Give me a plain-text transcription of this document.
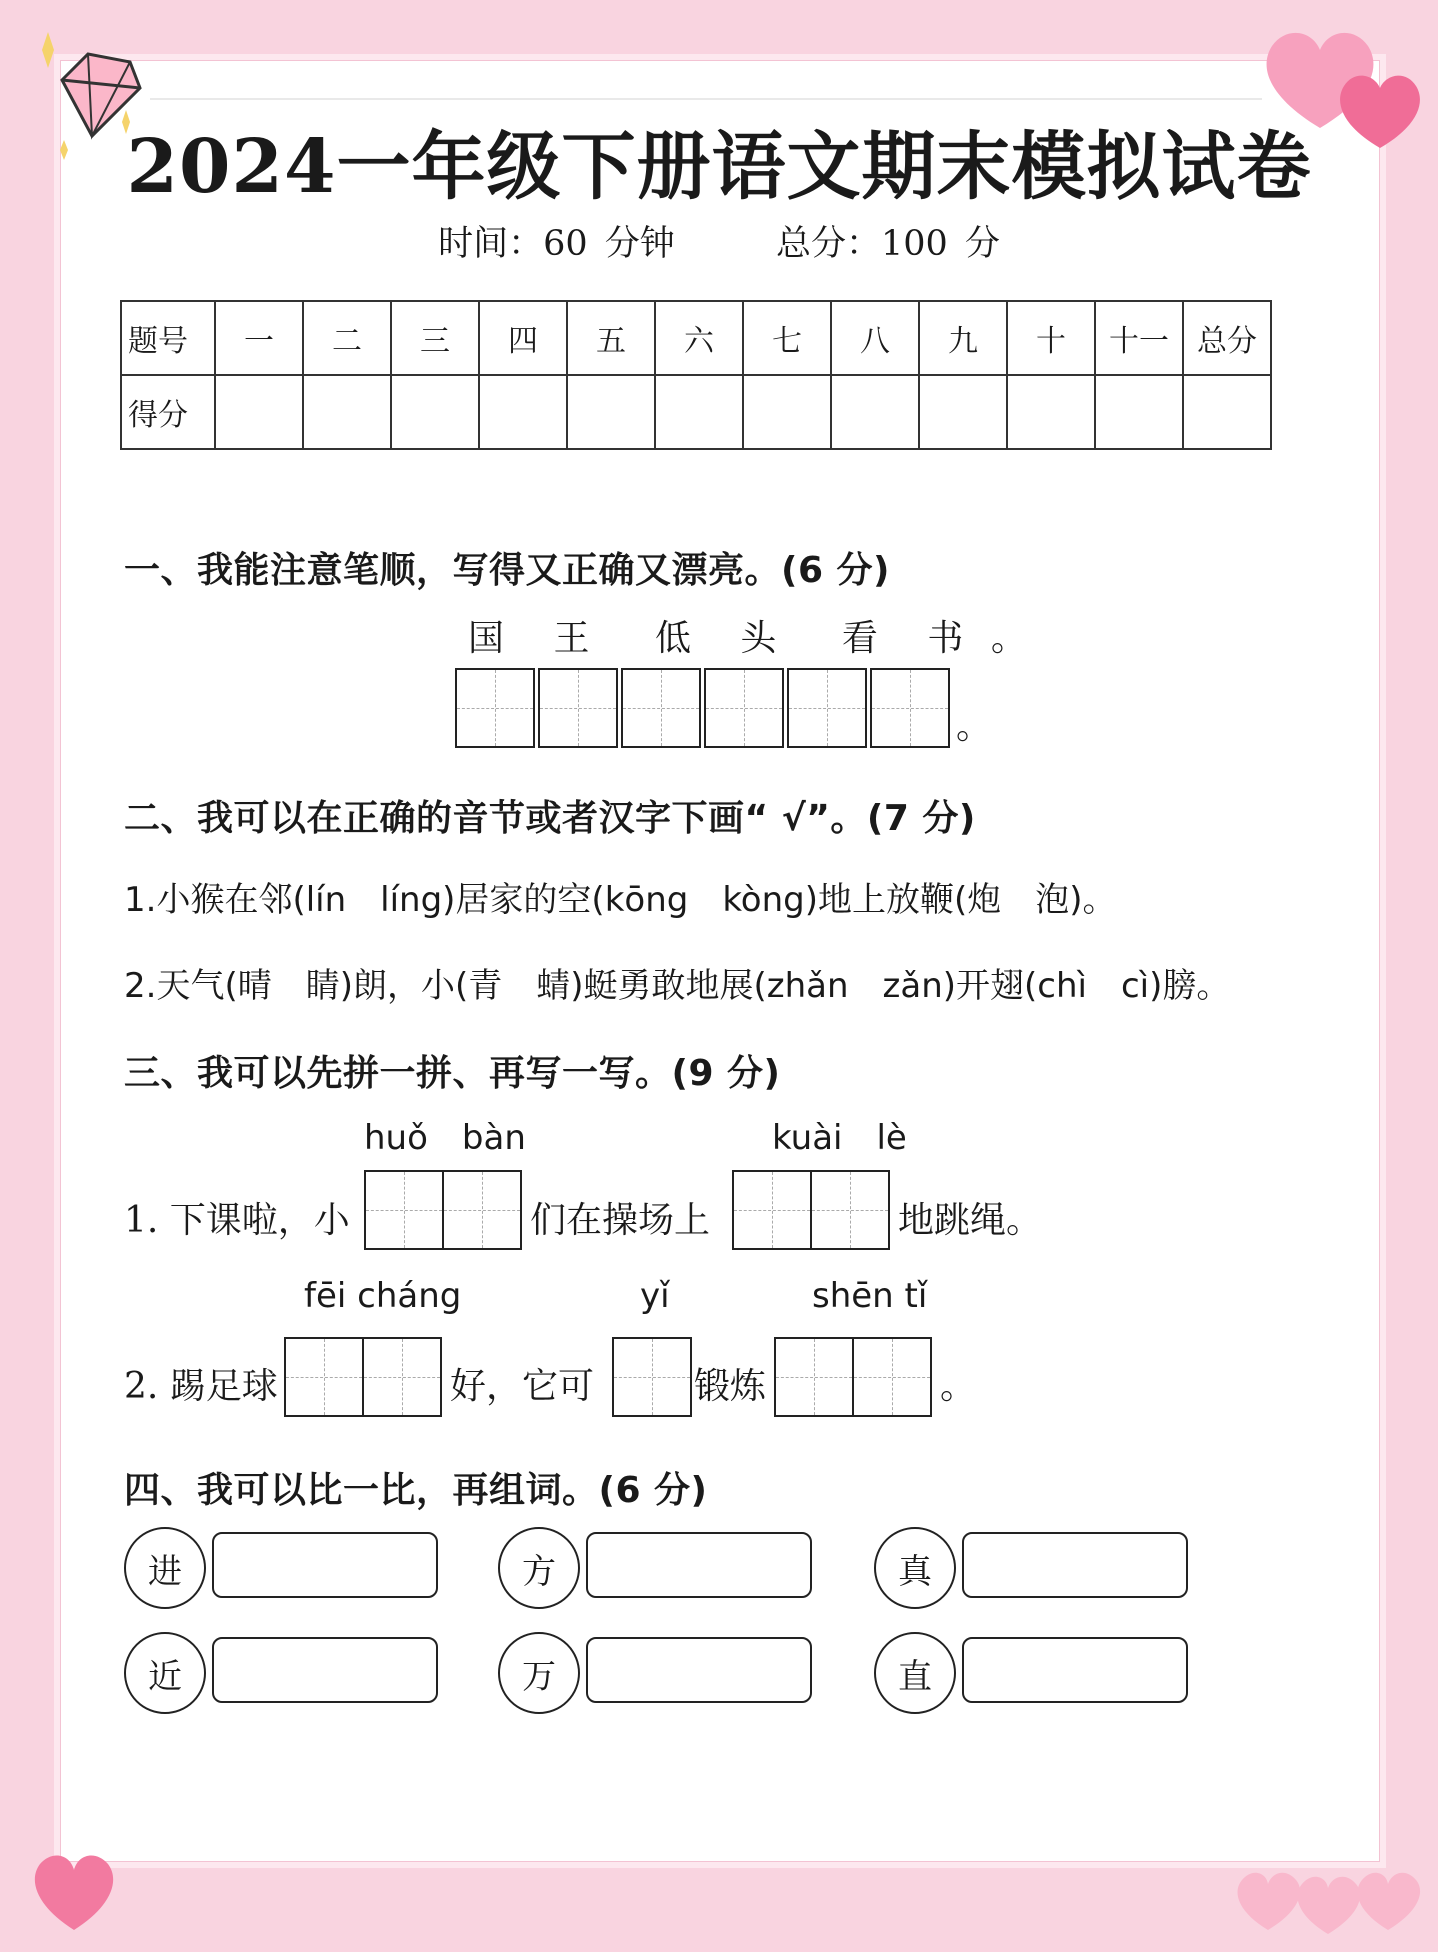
2024一年级下册语文期末模拟试卷
时间：60 分钟	总分：100 分
题号	一	二	三	四	五	六	七	八	九	十	十一	总分
得分												
一、我能注意笔顺，写得又正确又漂亮。(6 分)
国 王 低 头 看 书 。
。
二、我可以在正确的音节或者汉字下画“ √”。(7 分)
1.小猴在邻(lín　líng)居家的空(kōng　kòng)地上放鞭(炮　泡)。
2.天气(晴　睛)朗，小(青　蜻)蜓勇敢地展(zhǎn　zǎn)开翅(chì　cì)膀。
三、我可以先拼一拼、再写一写。(9 分)
huǒ　bàn	kuài　lè
1. 下课啦，小	们在操场上	地跳绳。
fēi cháng	yǐ	shēn tǐ
2. 踢足球	好，它可	锻炼	。
四、我可以比一比，再组词。(6 分)
进
近
方
万
真
直
